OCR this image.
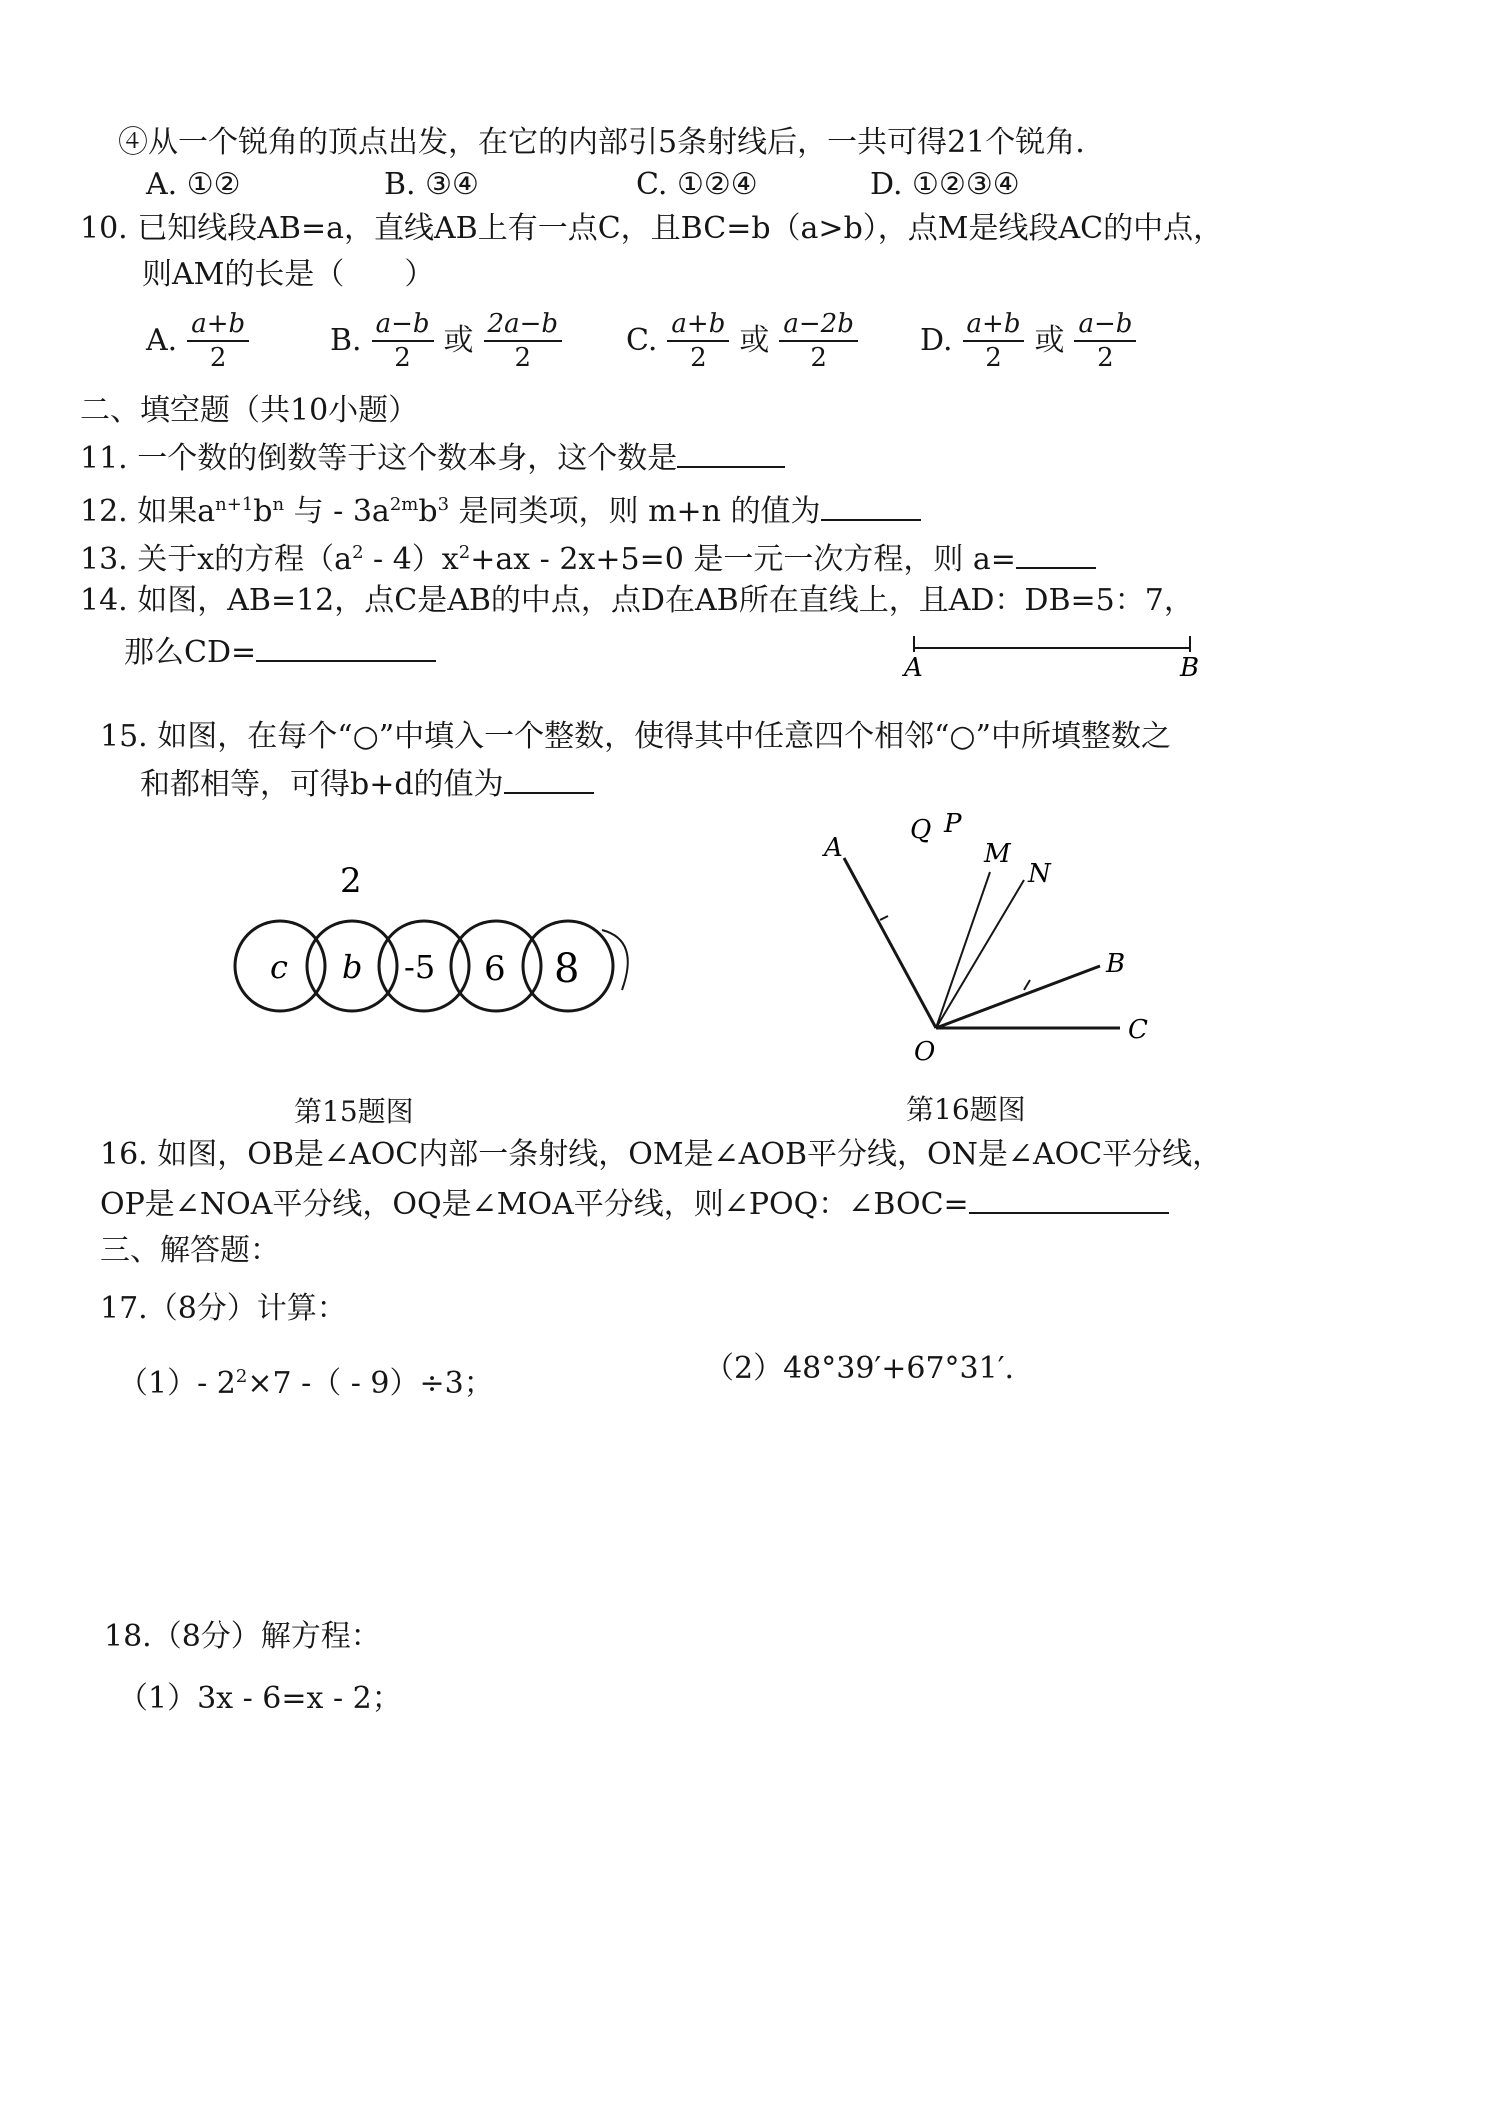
④从一个锐角的顶点出发，在它的内部引5条射线后，一共可得21个锐角.
A. ①②	B. ③④	C. ①②④	D. ①②③④
10. 已知线段AB=a，直线AB上有一点C，且BC=b（a>b），点M是线段AC的中点，
则AM的长是（　　）
A. $\frac{a+b}{2}$	B. $\frac{a-b}{2}$ 或 $\frac{2a-b}{2} C$. $\frac{a+b}{2}$ 或 $\frac{a-2b}{2} D$. $\frac{a+b}{2}$ 或 $\frac{a-b}{2}$
二、填空题（共10小题）
11. 一个数的倒数等于这个数本身，这个数是
12. 如果$a^{n+1}b^n$ 与 - $3a^{2m}b^3$ 是同类项，则 m+n 的值为
13. 关于x的方程$(a^2 - 4)x^2+ax - 2x+5=0$ 是一元一次方程，则 a=
14. 如图，AB=12，点C是AB的中点，点D在AB所在直线上，且AD：DB=5：7，
那么CD=	A	B
15. 如图，在每个“○”中填入一个整数，使得其中任意四个相邻“○”中所填整数之
和都相等，可得b+d的值为
2
c b -5 6 8
第15题图
A
O
C
B
M
N
P
Q
第16题图
16. 如图，OB是∠AOC内部一条射线，OM是∠AOB平分线，ON是∠AOC平分线，
OP是∠NOA平分线，OQ是∠MOA平分线，则∠POQ：∠BOC=
三、解答题：
17.（8分）计算：
（1）- $2^2\times 7$ -（ - 9）÷3；	（2）48°39′+67°31′.
18.（8分）解方程：
（1）3x - 6=x - 2；
